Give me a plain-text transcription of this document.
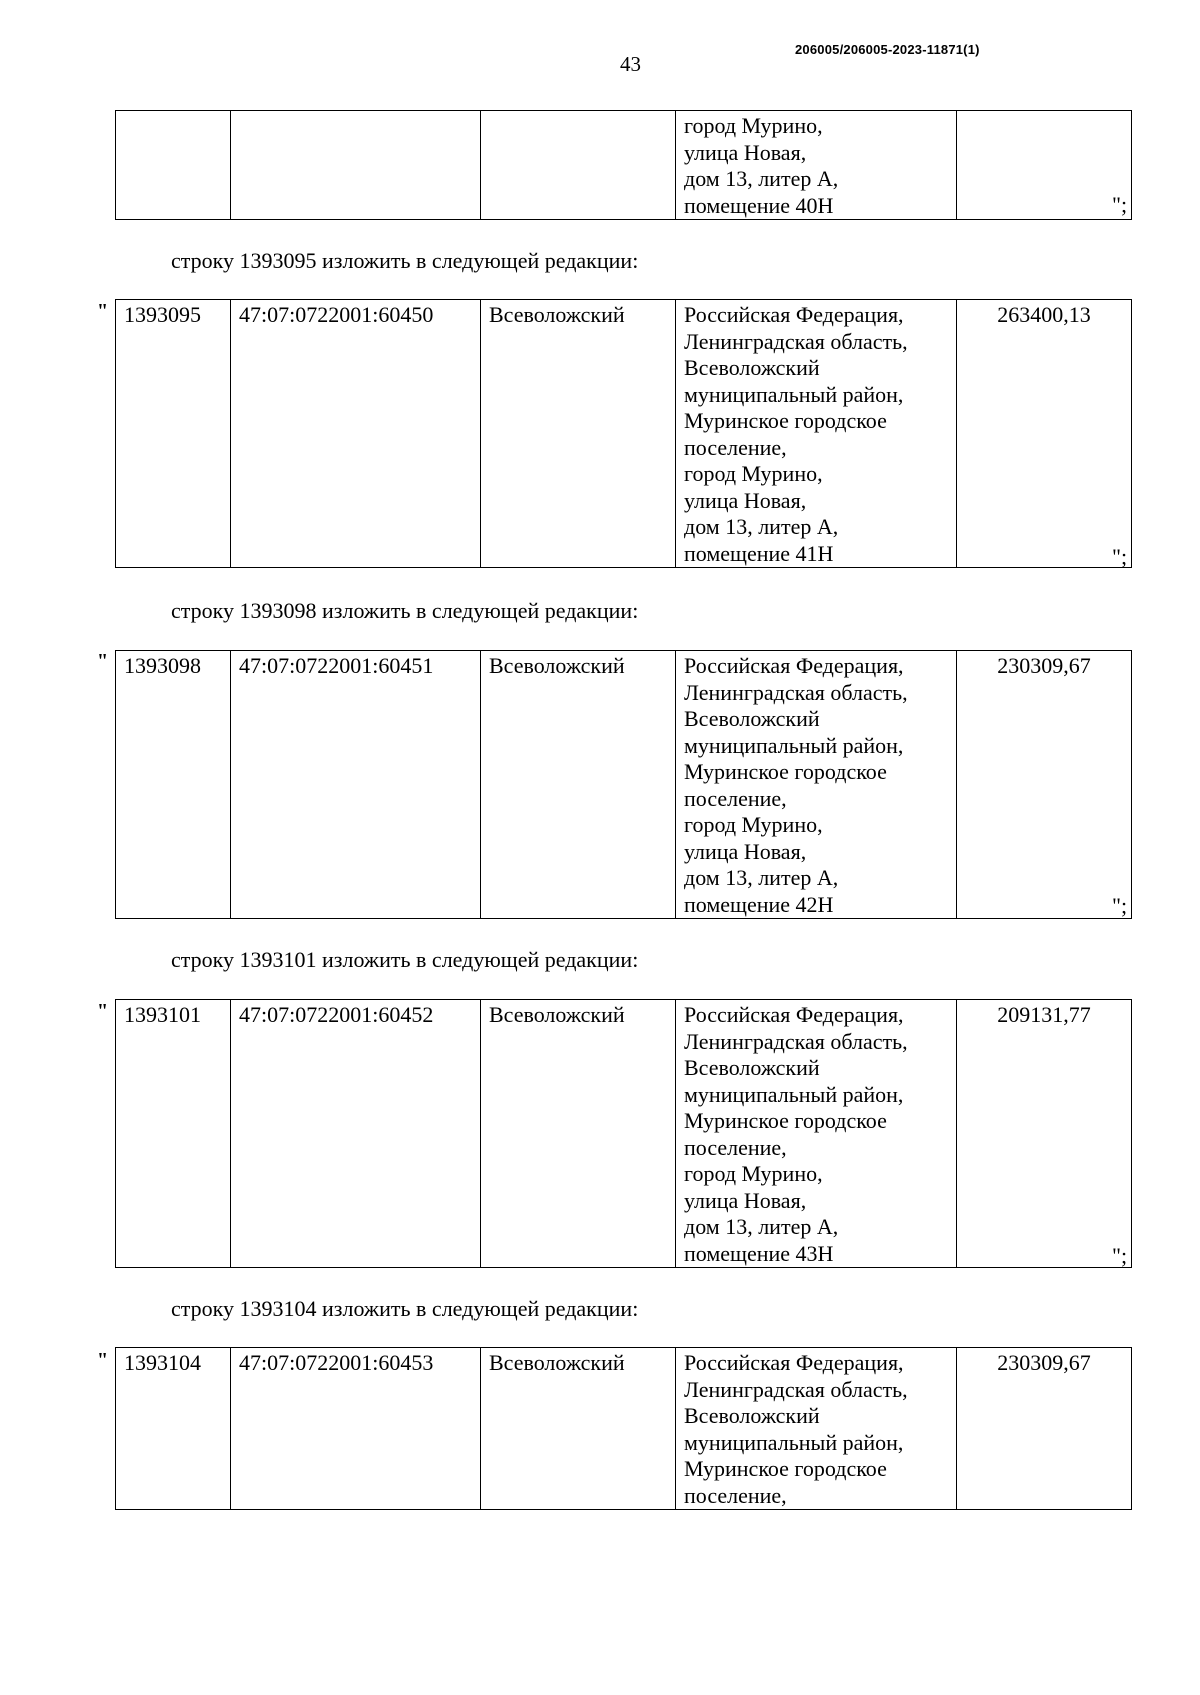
43
206005/206005-2023-11871(1)

город Мурино,
улица Новая,
дом 13, литер А,
помещение 40Н
		";
строку 1393095 изложить в следующей редакции:
" 1393095	47:07:0722001:60450	Всеволожский	Российская Федерация,
Ленинградская область,
Всеволожский
муниципальный район,
Муринское городское
поселение,
город Мурино,
улица Новая,
дом 13, литер А,
помещение 41Н
	263400,13
";
строку 1393098 изложить в следующей редакции:
" 1393098	47:07:0722001:60451	Всеволожский	Российская Федерация,
Ленинградская область,
Всеволожский
муниципальный район,
Муринское городское
поселение,
город Мурино,
улица Новая,
дом 13, литер А,
помещение 42Н
	230309,67
";
строку 1393101 изложить в следующей редакции:
" 1393101	47:07:0722001:60452	Всеволожский	Российская Федерация,
Ленинградская область,
Всеволожский
муниципальный район,
Муринское городское
поселение,
город Мурино,
улица Новая,
дом 13, литер А,
помещение 43Н
	209131,77
";
строку 1393104 изложить в следующей редакции:
" 1393104	47:07:0722001:60453	Всеволожский	Российская Федерация,
Ленинградская область,
Всеволожский
муниципальный район,
Муринское городское
поселение,
	230309,67
